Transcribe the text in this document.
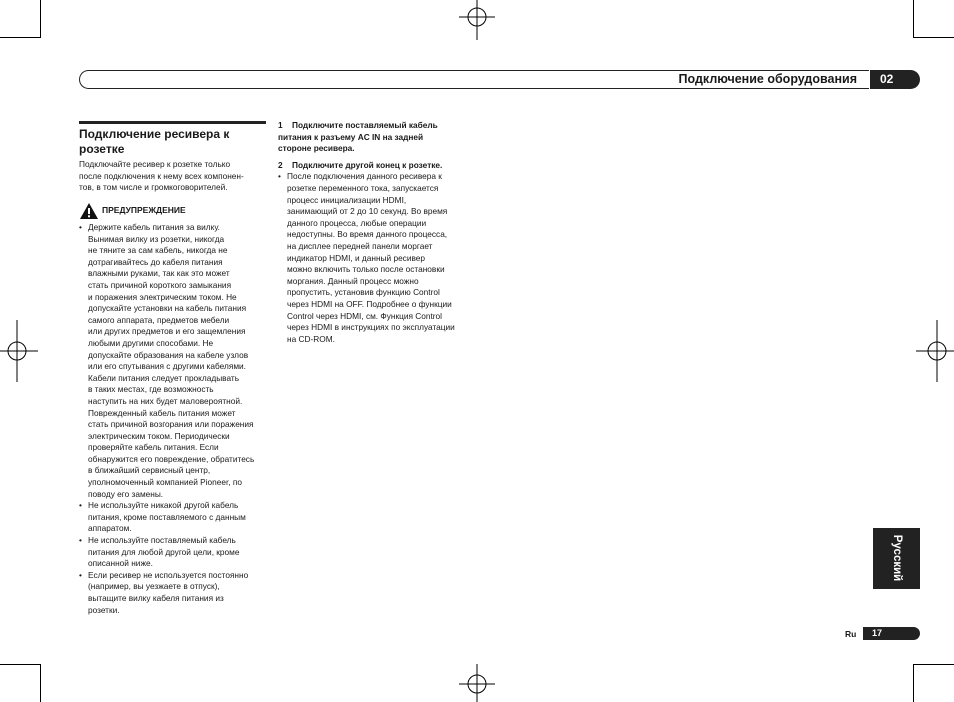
Подключение оборудования	02
Подключение ресивера к розетке
Подключайте ресивер к розетке только
после подключения к нему всех компонен-
тов, в том числе и громкоговорителей.
ПРЕДУПРЕЖДЕНИЕ
• Держите кабель питания за вилку.
Вынимая вилку из розетки, никогда
не тяните за сам кабель, никогда не
дотрагивайтесь до кабеля питания
влажными руками, так как это может
стать причиной короткого замыкания
и поражения электрическим током. Не
допускайте установки на кабель питания
самого аппарата, предметов мебели
или других предметов и его защемления
любыми другими способами. Не
допускайте образования на кабеле узлов
или его спутывания с другими кабелями.
Кабели питания следует прокладывать
в таких местах, где возможность
наступить на них будет маловероятной.
Поврежденный кабель питания может
стать причиной возгорания или поражения
электрическим током. Периодически
проверяйте кабель питания. Если
обнаружится его повреждение, обратитесь
в ближайший сервисный центр,
уполномоченный компанией Pioneer, по
поводу его замены.
• Не используйте никакой другой кабель
питания, кроме поставляемого с данным
аппаратом.
• Не используйте поставляемый кабель
питания для любой другой цели, кроме
описанной ниже.
• Если ресивер не используется постоянно
(например, вы уезжаете в отпуск),
вытащите вилку кабеля питания из
розетки.
1 Подключите поставляемый кабель
питания к разъему AC IN на задней
стороне ресивера.
2 Подключите другой конец к розетке.
• После подключения данного ресивера к
розетке переменного тока, запускается
процесс инициализации HDMI,
занимающий от 2 до 10 секунд. Во время
данного процесса, любые операции
недоступны. Во время данного процесса,
на дисплее передней панели моргает
индикатор HDMI, и данный ресивер
можно включить только после остановки
моргания. Данный процесс можно
пропустить, установив функцию Control
через HDMI на OFF. Подробнее о функции
Control через HDMI, см. Функция Control
через HDMI в инструкциях по эксплуатации
на CD-ROM.
Русский
Ru	17
